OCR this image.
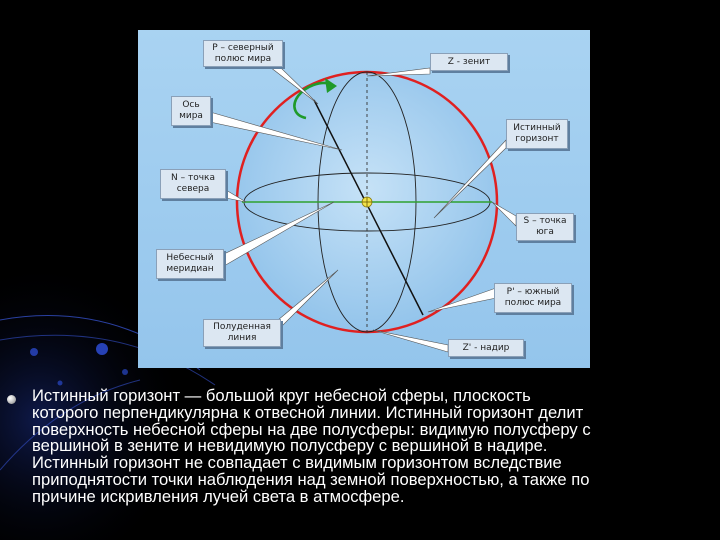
P – северный
полюс мира	Z - зенит
Ось
мира
Истинный
горизонт
N – точка
севера
S – точка
юга
Небесный
меридиан
P' – южный
полюс мира
Полуденная
линия
Z' - надир
Истинный горизонт — большой круг небесной сферы, плоскость
которого перпендикулярна к отвесной линии. Истинный горизонт делит
поверхность небесной сферы на две полусферы: видимую полусферу с
вершиной в зените и невидимую полусферу с вершиной в надире.
Истинный горизонт не совпадает с видимым горизонтом вследствие
приподнятости точки наблюдения над земной поверхностью, а также по
причине искривления лучей света в атмосфере.
